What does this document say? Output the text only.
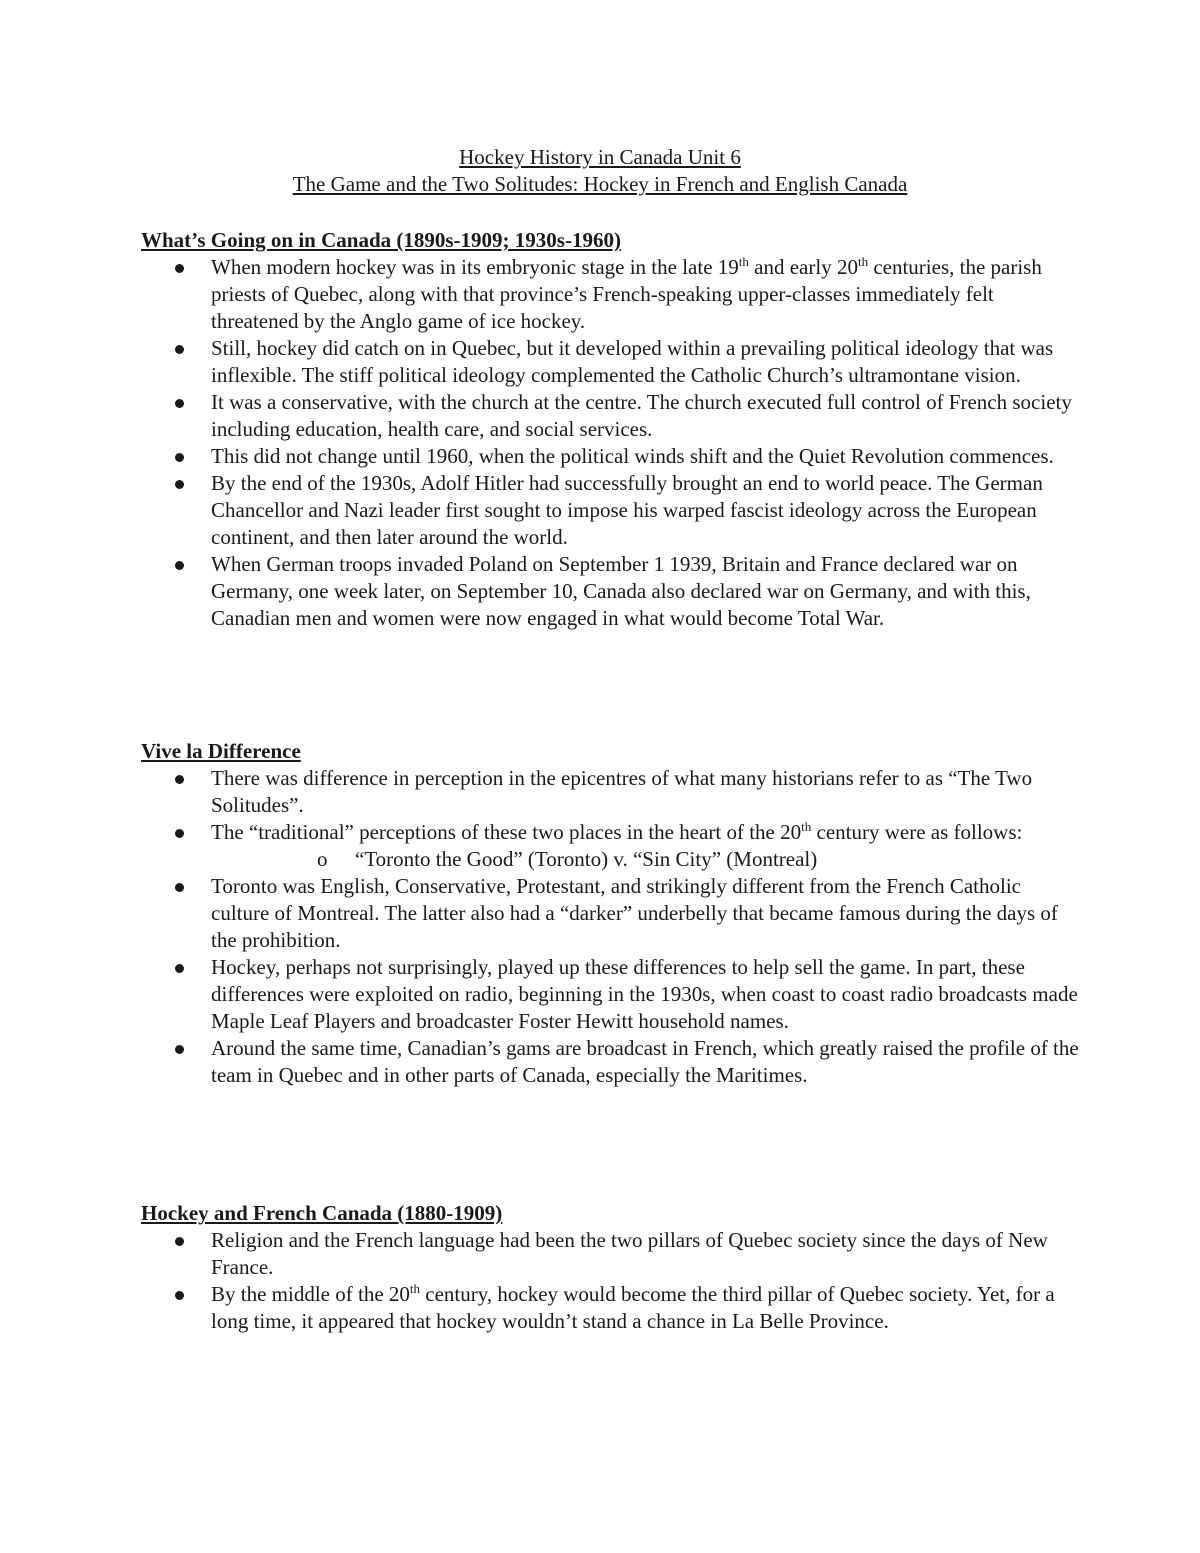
Hockey History in Canada Unit 6
The Game and the Two Solitudes: Hockey in French and English Canada
What’s Going on in Canada (1890s-1909; 1930s-1960)
When modern hockey was in its embryonic stage in the late 19th and early 20th centuries, the parish priests of Quebec, along with that province’s French-speaking upper-classes immediately felt threatened by the Anglo game of ice hockey.
Still, hockey did catch on in Quebec, but it developed within a prevailing political ideology that was inflexible. The stiff political ideology complemented the Catholic Church’s ultramontane vision.
It was a conservative, with the church at the centre. The church executed full control of French society including education, health care, and social services.
This did not change until 1960, when the political winds shift and the Quiet Revolution commences.
By the end of the 1930s, Adolf Hitler had successfully brought an end to world peace. The German Chancellor and Nazi leader first sought to impose his warped fascist ideology across the European continent, and then later around the world.
When German troops invaded Poland on September 1 1939, Britain and France declared war on Germany, one week later, on September 10, Canada also declared war on Germany, and with this, Canadian men and women were now engaged in what would become Total War.
Vive la Difference
There was difference in perception in the epicentres of what many historians refer to as “The Two Solitudes”.
The “traditional” perceptions of these two places in the heart of the 20th century were as follows:
o “Toronto the Good” (Toronto) v. “Sin City” (Montreal)
Toronto was English, Conservative, Protestant, and strikingly different from the French Catholic culture of Montreal. The latter also had a “darker” underbelly that became famous during the days of the prohibition.
Hockey, perhaps not surprisingly, played up these differences to help sell the game. In part, these differences were exploited on radio, beginning in the 1930s, when coast to coast radio broadcasts made Maple Leaf Players and broadcaster Foster Hewitt household names.
Around the same time, Canadian’s gams are broadcast in French, which greatly raised the profile of the team in Quebec and in other parts of Canada, especially the Maritimes.
Hockey and French Canada (1880-1909)
Religion and the French language had been the two pillars of Quebec society since the days of New France.
By the middle of the 20th century, hockey would become the third pillar of Quebec society. Yet, for a long time, it appeared that hockey wouldn’t stand a chance in La Belle Province.
